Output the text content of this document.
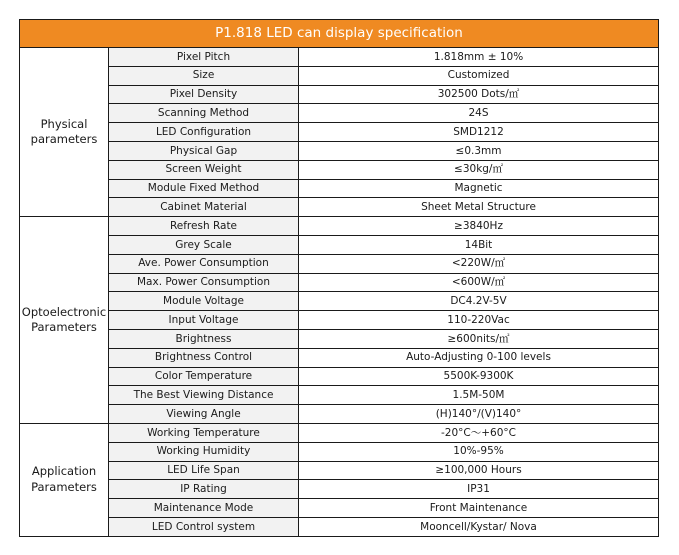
P1.818 LED can display specification		
Physical parameters	Pixel Pitch	1.818mm ± 10%
	Size	Customized
	Pixel Density	302500 Dots/㎡
	Scanning Method	24S
	LED Configuration	SMD1212
	Physical Gap	≤0.3mm
	Screen Weight	≤30kg/㎡
	Module Fixed Method	Magnetic
	Cabinet Material	Sheet Metal Structure
Optoelectronic Parameters	Refresh Rate	≥3840Hz
	Grey Scale	14Bit
	Ave. Power Consumption	<220W/㎡
	Max. Power Consumption	<600W/㎡
	Module Voltage	DC4.2V-5V
	Input Voltage	110-220Vac
	Brightness	≥600nits/㎡
	Brightness Control	Auto-Adjusting 0-100 levels
	Color Temperature	5500K-9300K
	The Best Viewing Distance	1.5M-50M
	Viewing Angle	(H)140°/(V)140°
Application Parameters	Working Temperature	-20°C～+60°C
	Working Humidity	10%-95%
	LED Life Span	≥100,000 Hours
	IP Rating	IP31
	Maintenance Mode	Front Maintenance
	LED Control system	Mooncell/Kystar/ Nova
